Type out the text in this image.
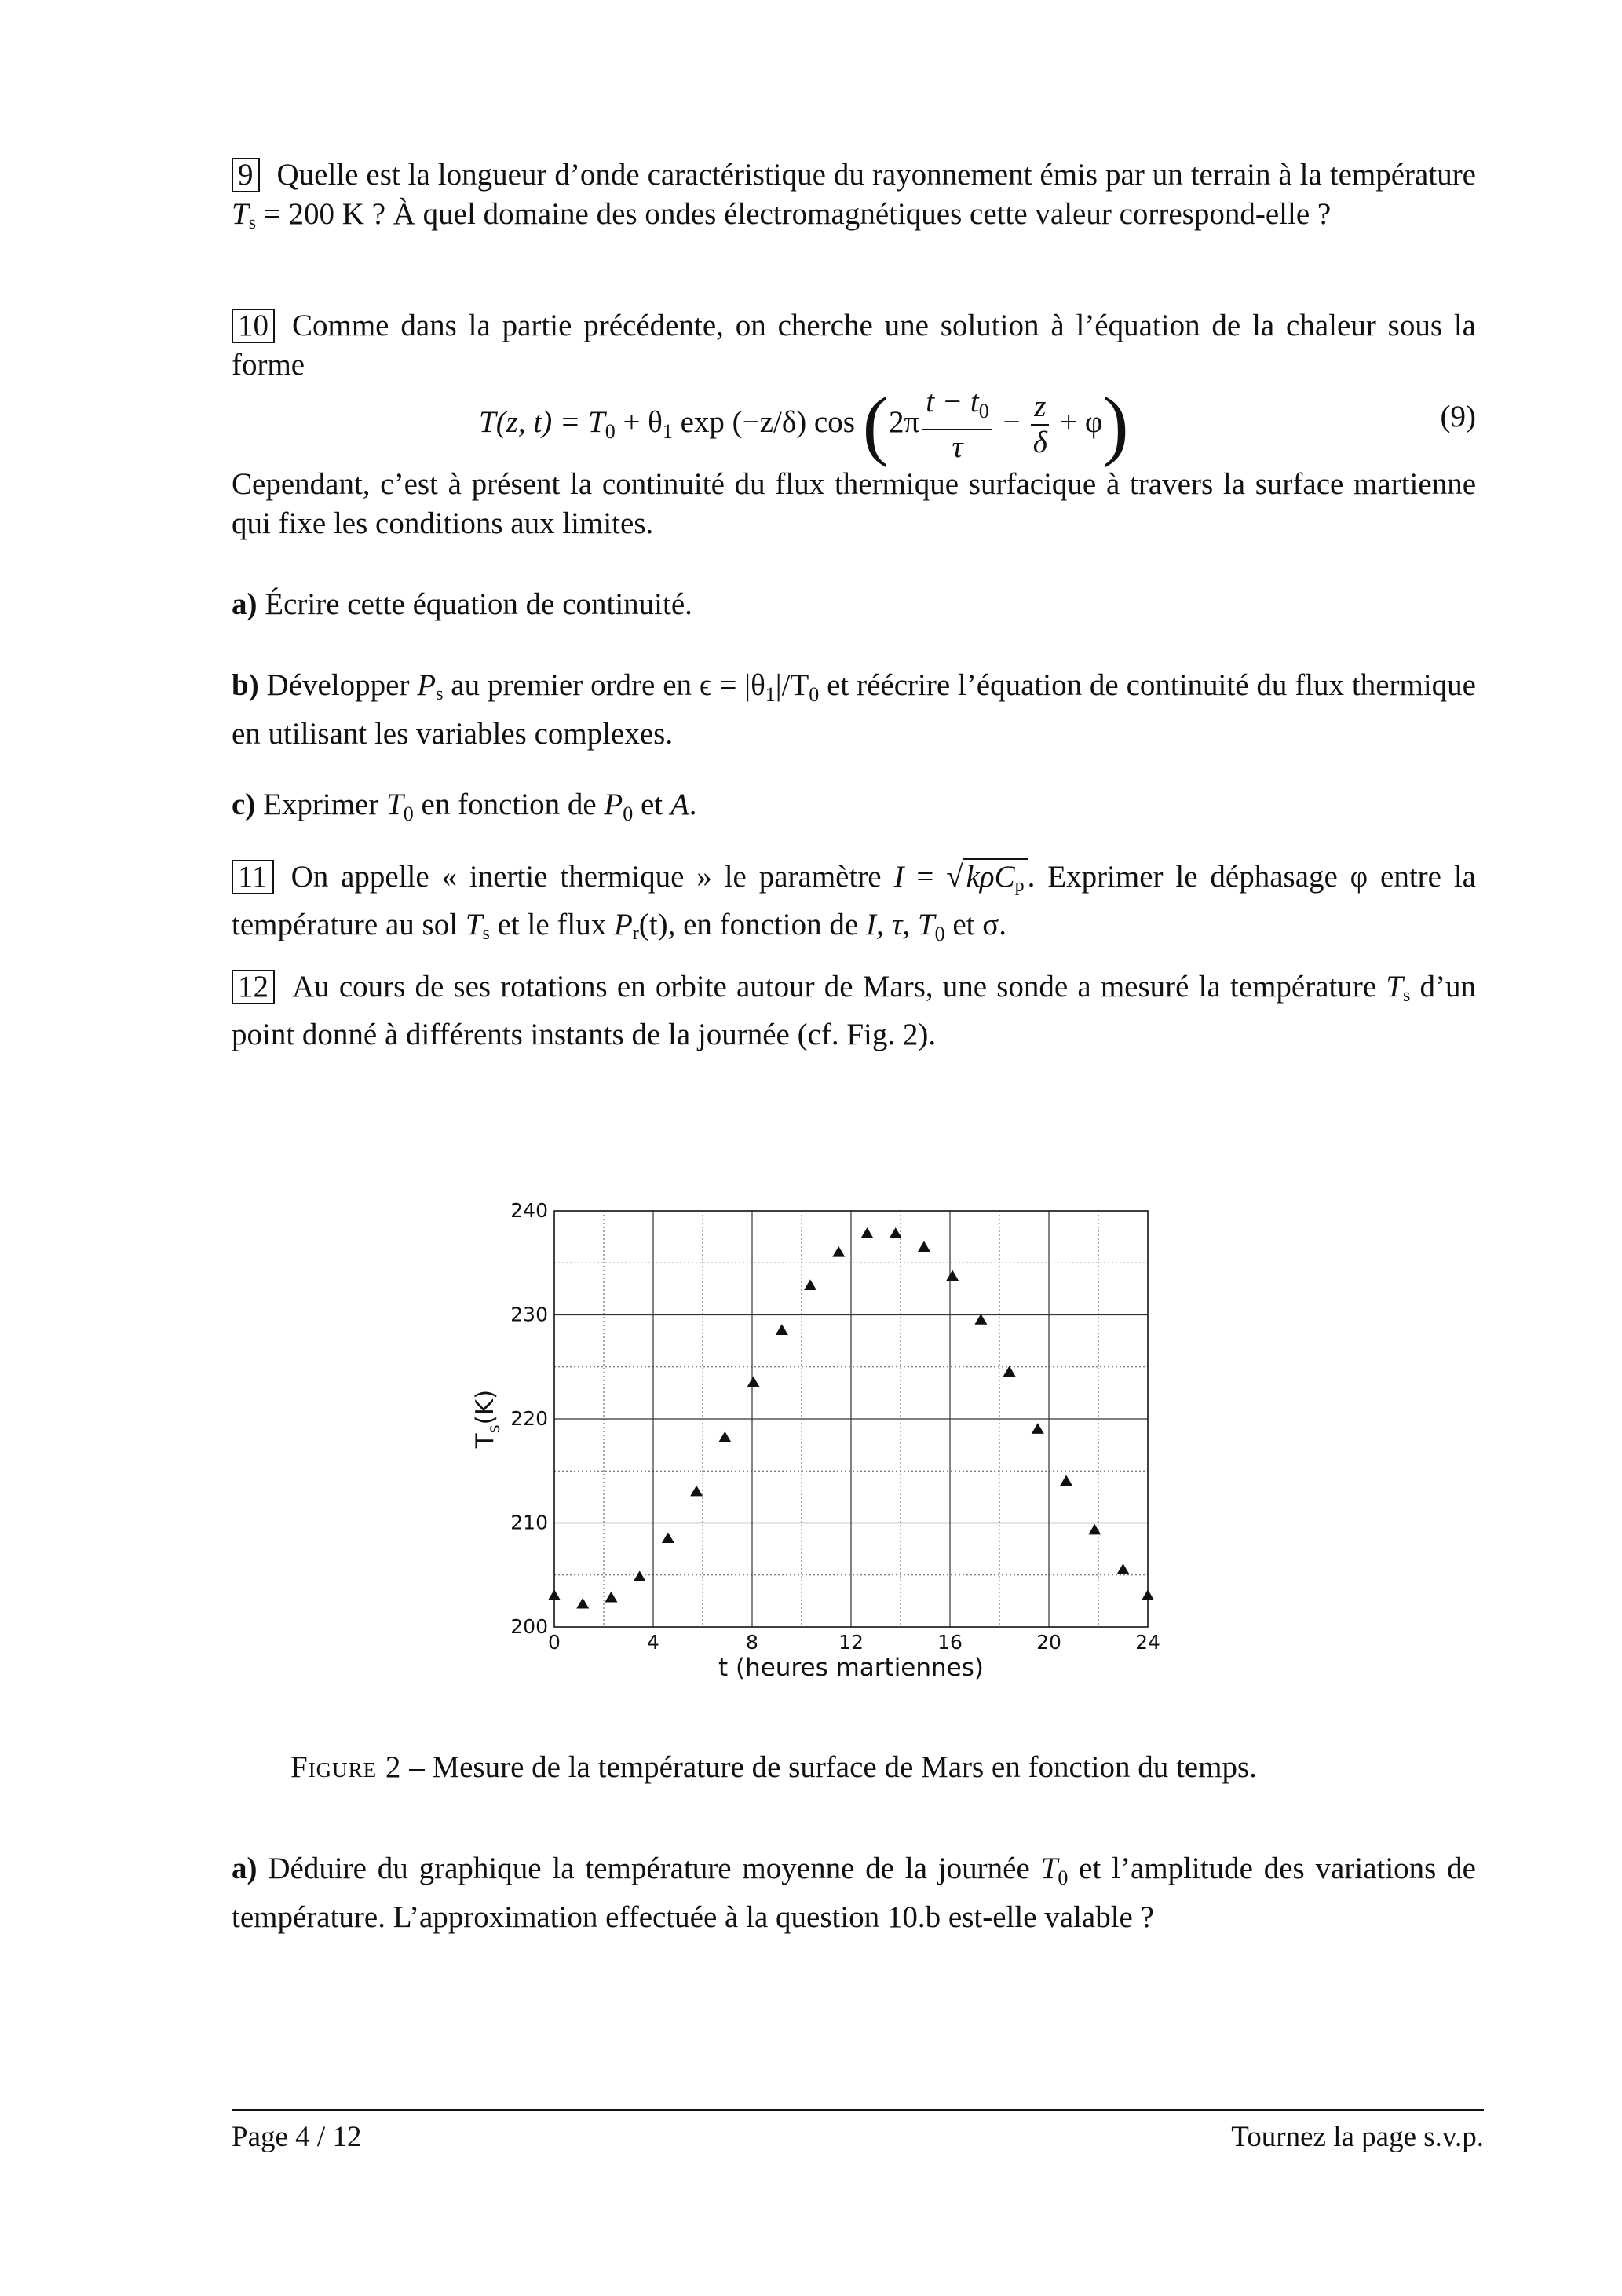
9 Quelle est la longueur d’onde caractéristique du rayonnement émis par un terrain à la température Ts = 200 K ? À quel domaine des ondes électromagnétiques cette valeur correspond-elle ?
10 Comme dans la partie précédente, on cherche une solution à l’équation de la chaleur sous la forme
T(z, $t) = T_0 + \theta_1$ exp (−z/δ) $\cos (2\pi \frac{t - t_0}{\tau} - \frac{z}{\delta} + \varphi)$	(9)
Cependant, c’est à présent la continuité du flux thermique surfacique à travers la surface martienne qui fixe les conditions aux limites.
a) Écrire cette équation de continuité.
b) Développer Ps au premier ordre en $\epsilon = |\theta_1|/T_0$ et réécrire l’équation de continuité du flux thermique en utilisant les variables complexes.
c) Exprimer $T_0$ en fonction de $P_0$ et A.
11 On appelle « inertie thermique » le paramètre I = √ kρCp . Exprimer le déphasage φ entre la température au sol Ts et le flux Pr(t), en fonction de I, τ, $T_0$ et σ.
12 Au cours de ses rotations en orbite autour de Mars, une sonde a mesuré la température Ts d’un point donné à différents instants de la journée (cf. Fig. 2).
200
210
220
230
240
0	4	8	12	16	20	24
t (heures martiennes)
$T_s(K)$
Figure 2 – Mesure de la température de surface de Mars en fonction du temps.
a) Déduire du graphique la température moyenne de la journée $T_0$ et l’amplitude des variations de température. L’approximation effectuée à la question 10.b est-elle valable ?
Page 4 / 12	Tournez la page s.v.p.
